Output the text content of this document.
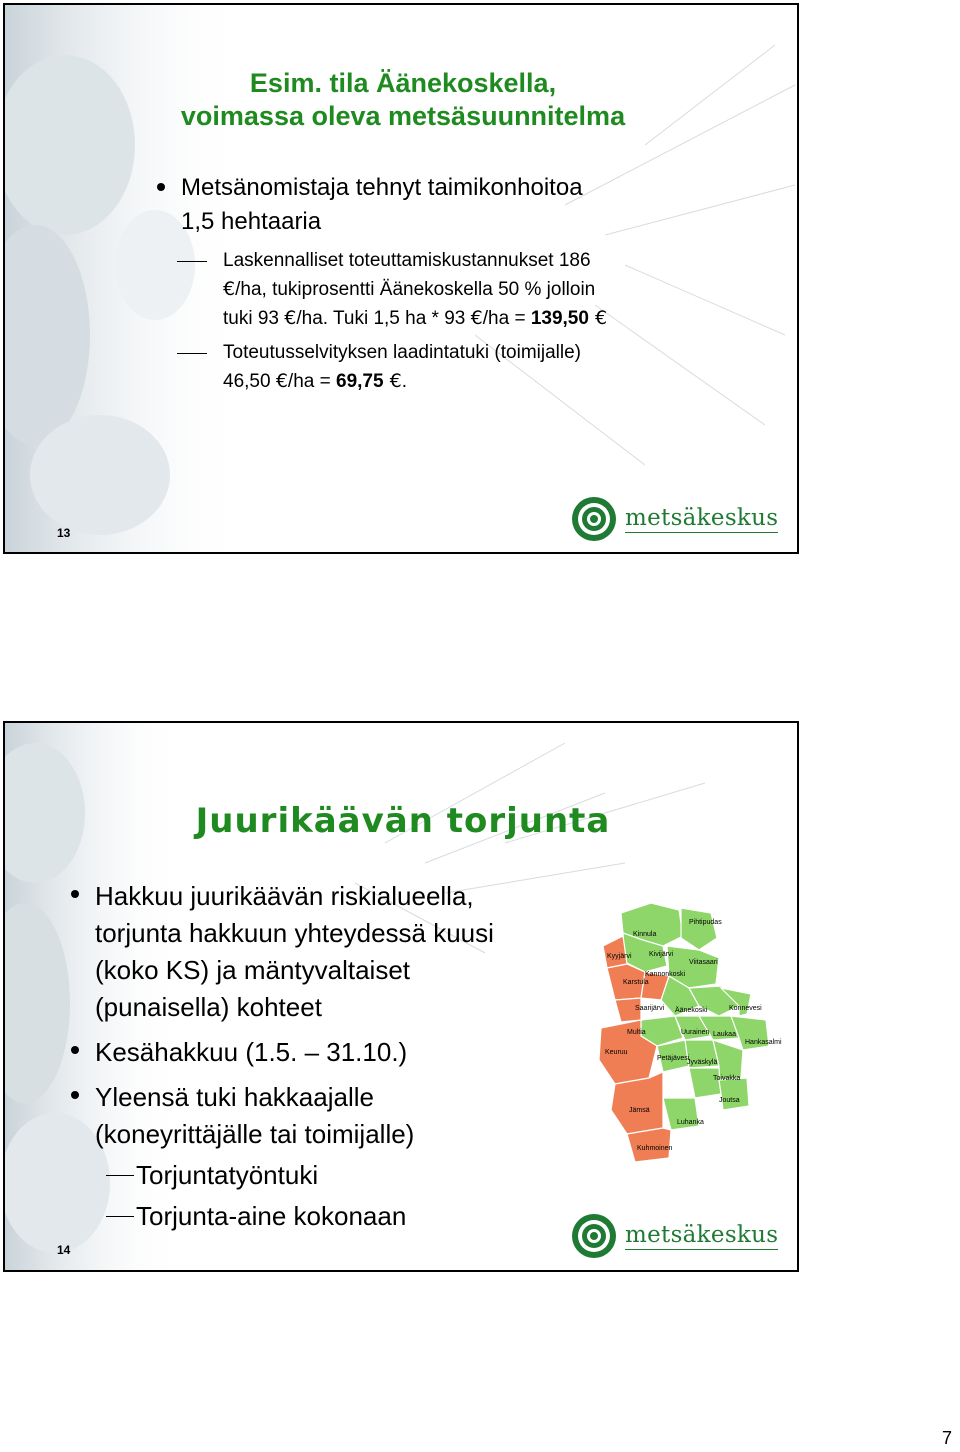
Esim. tila Äänekoskella,
voimassa oleva metsäsuunnitelma
Metsänomistaja tehnyt taimikonhoitoa
1,5 hehtaaria
Laskennalliset toteuttamiskustannukset 186
€/ha, tukiprosentti Äänekoskella 50 % jolloin
tuki 93 €/ha. Tuki 1,5 ha * 93 €/ha = 139,50 €
Toteutusselvityksen laadintatuki (toimijalle)
46,50 €/ha = 69,75 €.
metsäkeskus
13
Juurikäävän torjunta
Hakkuu juurikäävän riskialueella,
torjunta hakkuun yhteydessä kuusi
(koko KS) ja mäntyvaltaiset
(punaisella) kohteet
Kesähakkuu (1.5. – 31.10.)
Yleensä tuki hakkaajalle
(koneyrittäjälle tai toimijalle)
Torjuntatyöntuki
Torjunta-aine kokonaan
Pihtipudas
Kinnula
Kivijärvi
Kyyjärvi
Viitasaari
Kannonkoski
Karstula
Saarijärvi Äänekoski	Konnevesi
Multia	Uurainen Laukaa
Hankasalmi
Keuruu
Petäjävesi
Jyväskylä
Toivakka
Jämsä
Joutsa
Luhanka
Kuhmoinen
metsäkeskus
14
7
